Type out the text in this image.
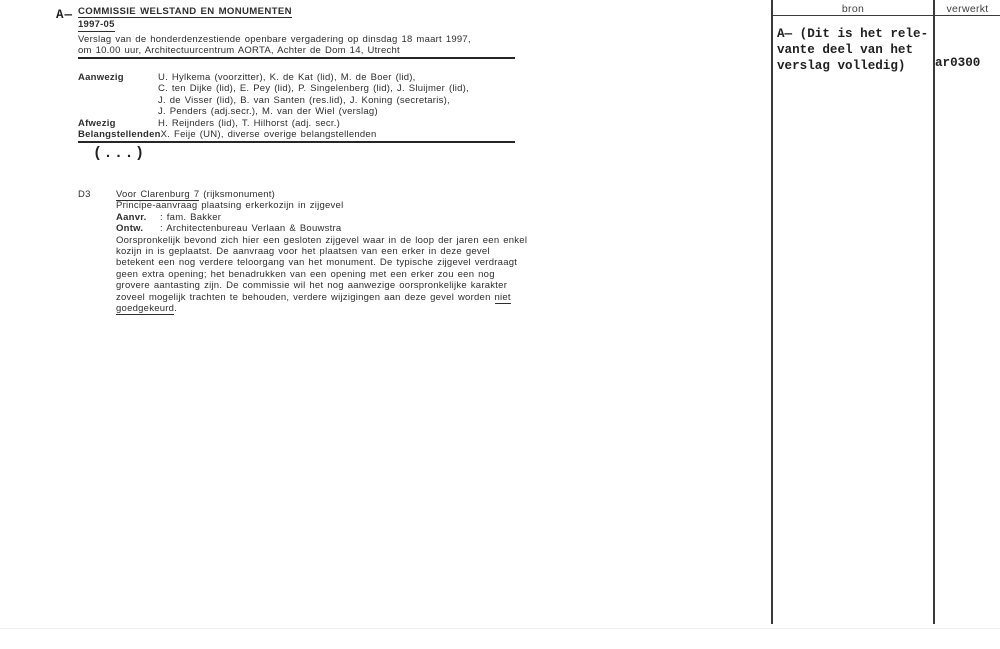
A— COMMISSIE WELSTAND EN MONUMENTEN
1997-05
Verslag van de honderdenzestiende openbare vergadering op dinsdag 18 maart 1997,
om 10.00 uur, Architectuurcentrum AORTA, Achter de Dom 14, Utrecht
Aanwezig	U. Hylkema (voorzitter), K. de Kat (lid), M. de Boer (lid),
C. ten Dijke (lid), E. Pey (lid), P. Singelenberg (lid), J. Sluijmer (lid),
J. de Visser (lid), B. van Santen (res.lid), J. Koning (secretaris),
J. Penders (adj.secr.), M. van der Wiel (verslag)
Afwezig	H. Reijnders (lid), T. Hilhorst (adj. secr.)
Belangstellenden X. Feije (UN), diverse overige belangstellenden
(...)
D3	Voor Clarenburg 7 (rijksmonument)
Principe-aanvraag plaatsing erkerkozijn in zijgevel
Aanvr.	: fam. Bakker
Ontw.	: Architectenbureau Verlaan & Bouwstra
Oorspronkelijk bevond zich hier een gesloten zijgevel waar in de loop der jaren een enkel
kozijn in is geplaatst. De aanvraag voor het plaatsen van een erker in deze gevel
betekent een nog verdere teloorgang van het monument. De typische zijgevel verdraagt
geen extra opening; het benadrukken van een opening met een erker zou een nog
grovere aantasting zijn. De commissie wil het nog aanwezige oorspronkelijke karakter
zoveel mogelijk trachten te behouden, verdere wijzigingen aan deze gevel worden niet
goedgekeurd.
bron	verwerkt
A— (Dit is het rele-
vante deel van het
verslag volledig)	ar0300
